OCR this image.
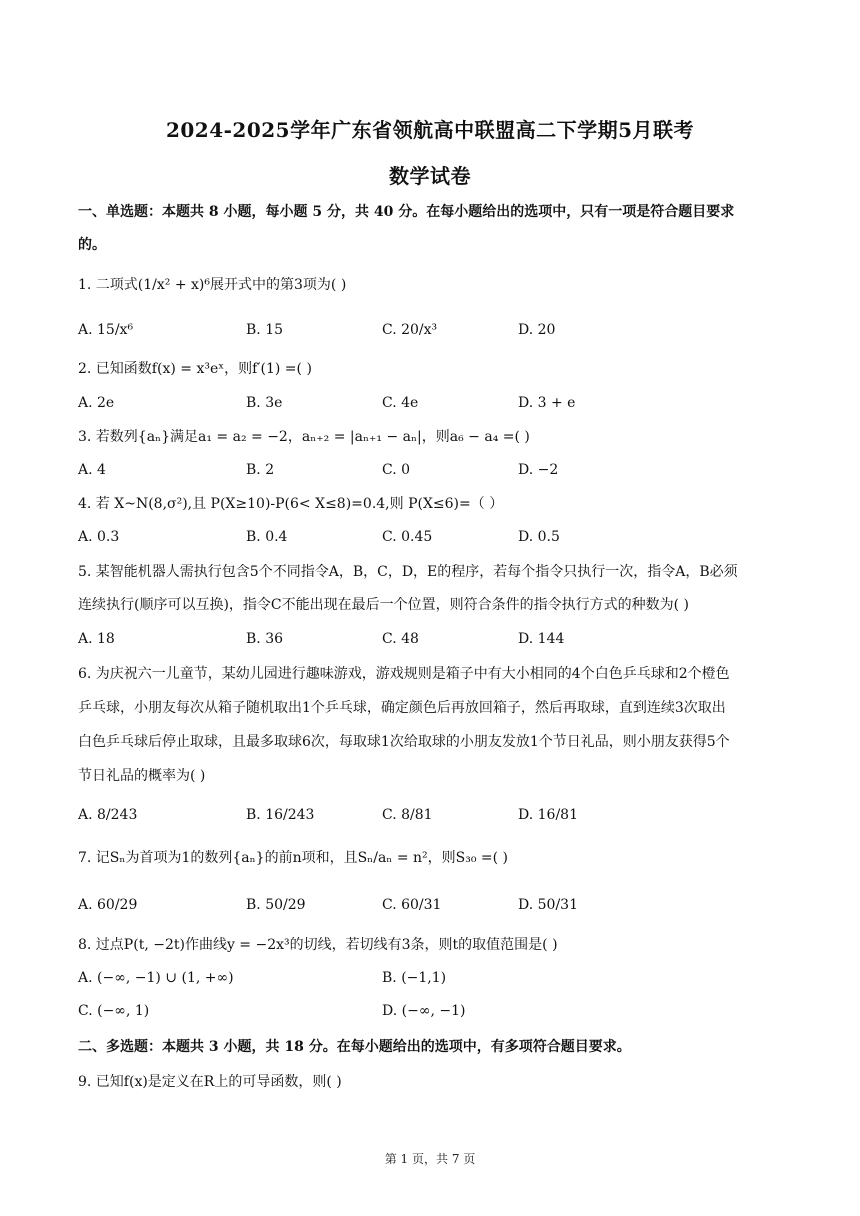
2024-2025学年广东省领航高中联盟高二下学期5月联考
数学试卷
一、单选题：本题共 8 小题，每小题 5 分，共 40 分。在每小题给出的选项中，只有一项是符合题目要求
的。
1. 二项式(1/x² + x)⁶展开式中的第3项为( )
A. 15/x⁶	B. 15	C. 20/x³	D. 20
2. 已知函数f(x) = x³eˣ，则f′(1) =( )
A. 2e	B. 3e	C. 4e	D. 3 + e
3. 若数列{aₙ}满足a₁ = a₂ = −2，aₙ₊₂ = |aₙ₊₁ − aₙ|，则a₆ − a₄ =( )
A. 4	B. 2	C. 0	D. −2
4. 若 X~N(8,σ²),且 P(X≥10)-P(6< X≤8)=0.4,则 P(X≤6)=（ ）
A. 0.3	B. 0.4	C. 0.45	D. 0.5
5. 某智能机器人需执行包含5个不同指令A，B，C，D，E的程序，若每个指令只执行一次，指令A，B必须
连续执行(顺序可以互换)，指令C不能出现在最后一个位置，则符合条件的指令执行方式的种数为( )
A. 18	B. 36	C. 48	D. 144
6. 为庆祝六一儿童节，某幼儿园进行趣味游戏，游戏规则是箱子中有大小相同的4个白色乒乓球和2个橙色
乒乓球，小朋友每次从箱子随机取出1个乒乓球，确定颜色后再放回箱子，然后再取球，直到连续3次取出
白色乒乓球后停止取球，且最多取球6次，每取球1次给取球的小朋友发放1个节日礼品，则小朋友获得5个
节日礼品的概率为( )
A. 8/243	B. 16/243	C. 8/81	D. 16/81
7. 记Sₙ为首项为1的数列{aₙ}的前n项和，且Sₙ/aₙ = n²，则S₃₀ =( )
A. 60/29	B. 50/29	C. 60/31	D. 50/31
8. 过点P(t, −2t)作曲线y = −2x³的切线，若切线有3条，则t的取值范围是( )
A. (−∞, −1) ∪ (1, +∞)	B. (−1,1)
C. (−∞, 1)	D. (−∞, −1)
二、多选题：本题共 3 小题，共 18 分。在每小题给出的选项中，有多项符合题目要求。
9. 已知f(x)是定义在R上的可导函数，则( )
第 1 页，共 7 页
